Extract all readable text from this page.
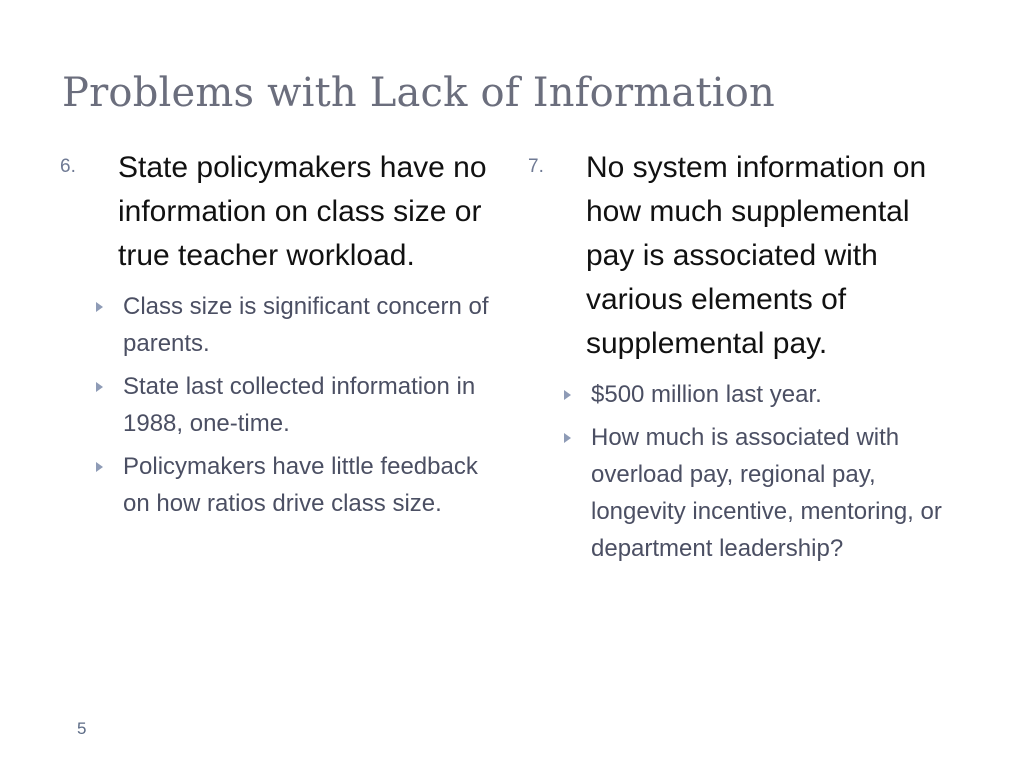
Problems with Lack of Information
6. State policymakers have no information on class size or true teacher workload.
Class size is significant concern of parents.
State last collected information in 1988, one-time.
Policymakers have little feedback on how ratios drive class size.
7. No system information on how much supplemental pay is associated with various elements of supplemental pay.
$500 million last year.
How much is associated with overload pay, regional pay, longevity incentive, mentoring, or department leadership?
5
